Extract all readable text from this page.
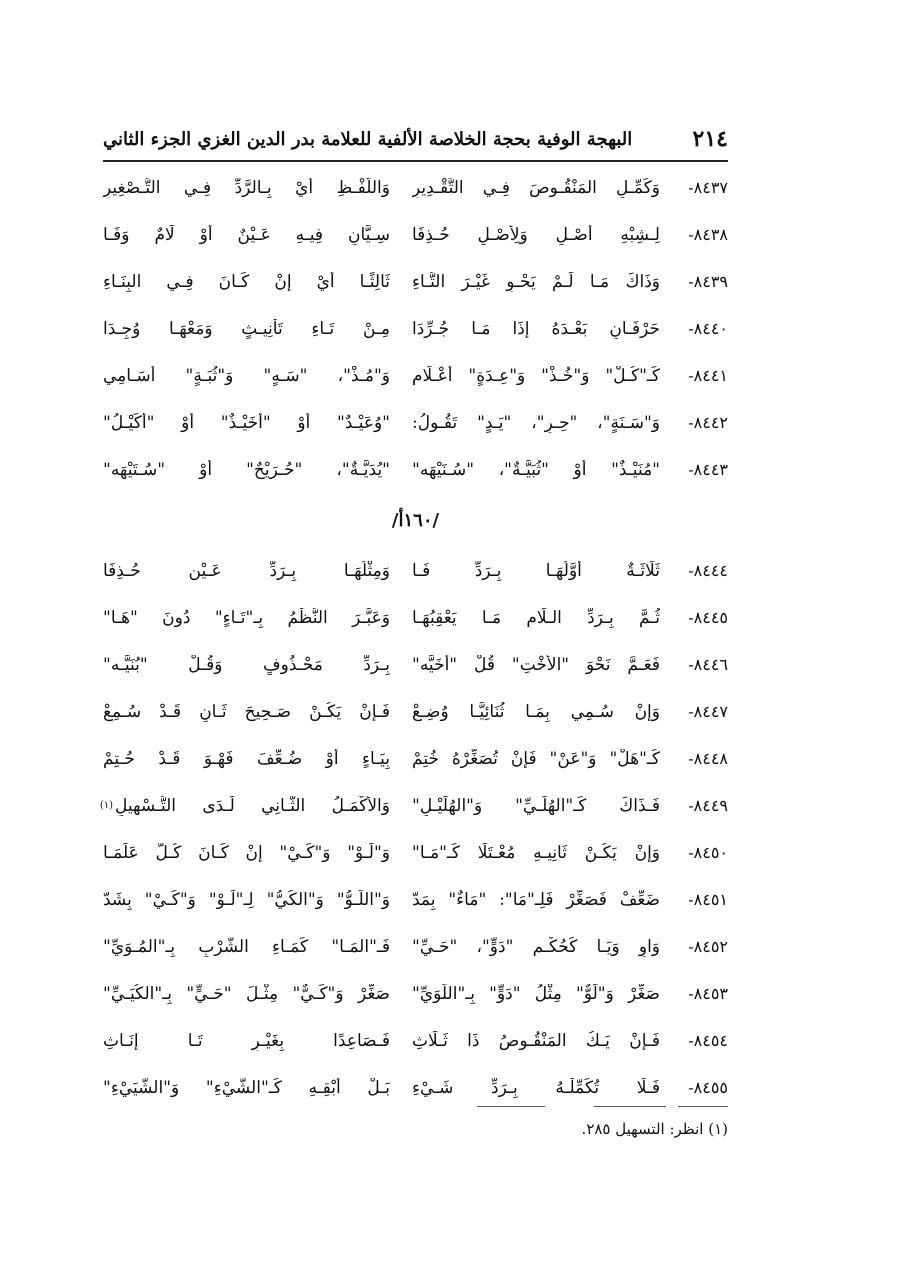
٢١٤
البهجة الوفية بحجة الخلاصة الألفية للعلامة بدر الدين الغزي الجزء الثاني
٨٤٣٧-
وَكَمِّـلِ المَنْقُـوصَ فِـي التَّقْـدِيرِ
وَاللَّفْـظِ أَيْ بِـالرَّدِّ فِـي التَّـصْغِيرِ
٨٤٣٨-
لِـشِبْهِ أَصْـلٍ وَلِأَصْـلٍ حُـذِفَا
سِـيَّانِ فِيـهِ عَـيْنٌ أَوْ لَامٌ وَفَـا
٨٤٣٩-
وَذَاكَ مَـا لَـمْ يَحْـوِ غَيْـرَ التَّـاءِ
ثَالِثًـا أَيْ إِنْ كَـانَ فِـي البِنَـاءِ
٨٤٤٠-
حَرْفَـانِ بَعْـدَهُ إِذَا مَـا جُـرِّدَا
مِـنْ تَـاءِ تَأْنِيـثٍ وَمَعْهَـا وُجِـدَا
٨٤٤١-
كَـ"كُـلْ" وَ"خُـذْ" وَ"عِـدَةٍ" أَعْـلَامِ
وَ"مُـذْ"، "سَـهٍ" وَ"ثُبَـةٍ" أَسَـامِي
٨٤٤٢-
وَ"سَـنَةٍ"، "حِـرٍ"، "يَـدٍ" تَقُـولُ:
"وُعَيْـدٌ" أَوْ "أُخَيْـذٌ" أَوْ "أُكَيْـلُ"
٨٤٤٣-
"مُنَيْـذٌ" أَوْ "ثُبَيَّـةٌ"، "سُـنَيْهَه"
"يُدَيَّـةٌ"، "حُـرَيْحٌ" أَوْ "سُـتَيْهَه"
/١٦٠أ/
٨٤٤٤-
ثَلَاثَـةٌ أَوَّلُهَـا بِـرَدِّ فَـا
وَمِثْلُهَـا بِـرَدِّ عَـيْنٍ حُـذِفَا
٨٤٤٥-
ثُـمَّ بِـرَدِّ الـلَامِ مَـا يَعْقِبُهَـا
وَعَبَّـرَ النَّظْمُ بِـ"تَـاءٍ" دُونَ "هَـا"
٨٤٤٦-
فَعَـمَّ نَحْوَ "الأُخْتِ" قُلْ "أُخَيَّه"
بِـرَدِّ مَحْـذُوفٍ وَقُـلْ "بُنَيَّـه"
٨٤٤٧-
وَإِنْ سُـمِي بِمَـا ثُنَائِيًّـا وُضِـعْ
فَـإِنْ يَكُـنْ صَـحِيحَ ثَـانٍ قَـدْ سُـمِعْ
٨٤٤٨-
كَـ"هَلْ" وَ"عَنْ" فَإِنْ تُصَغِّرْهُ خُتِمْ
بِيَـاءٍ أَوْ ضُـعِّفَ فَهْـوَ قَـدْ حُـتِمْ
٨٤٤٩-
فَـذَاكَ كَـ"الهُلَـيِّ" وَ"الهُلَيْـلِ"
وَالأَكْمَـلُ الثَّـانِي لَـدَى التَّـسْهِيلِ
(١)
٨٤٥٠-
وَإِنْ يَكُـنْ ثَانِيـهِ مُعْـتَلًا كَـ"مَـا"
وَ"لَـوْ" وَ"كَـيْ" إِنْ كَـانَ كُـلٌّ عَلَمَـا
٨٤٥١-
ضَعِّفْ فَصَغِّرْ فَلِـ"مَا": "مَاءٌ" بِمَدّ
وَ"اللَّـوُّ" وَ"الكَيُّ" لِـ"لَـوْ" وَ"كَـيْ" بِشَدّ
٨٤٥٢-
وَاوٍ وَيَـا كَحُكْـمِ "دَوٍّ"، "حَـيِّ"
فَـ"المَـا" كَمَـاءِ الشُّرْبِ بِـ"المُـوَيِّ"
٨٤٥٣-
صَغِّرْ وَ"لَوٌّ" مِثْلُ "دَوٍّ" بِـ"اللُّوَيِّ"
صَغِّرْ وَ"كَـيٌّ" مِثْـلَ "حَـيٍّ" بِـ"الكُيَـيِّ"
٨٤٥٤-
فَـإِنْ يَـكُ المَنْقُـوصُ ذَا ثَـلَاثِ
فَـصَاعِدًا بِغَيْـرِ تَـا إِنَـاثِ
٨٤٥٥-
فَـلَا تُكَمِّلْـهُ بِـرَدِّ شَـيْءِ
بَـلْ أَبْقِـهِ كَـ"الشَّيْءِ" وَ"الشُّيَيْءِ"
(١) انظر: التسهيل ٢٨٥.
